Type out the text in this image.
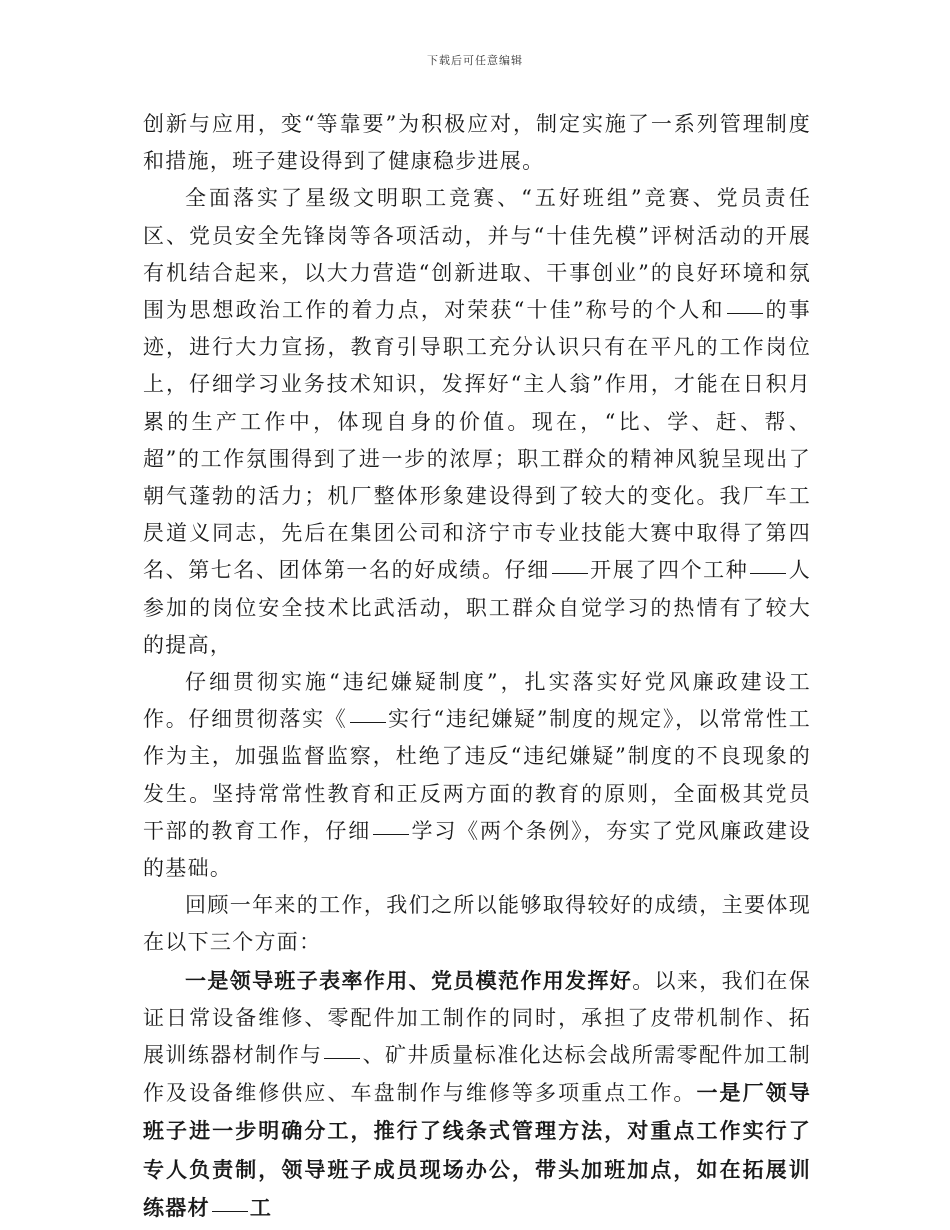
下载后可任意编辑

创新与应用，变“等靠要”为积极应对，制定实施了一系列管理制度和措施，班子建设得到了健康稳步进展。

全面落实了星级文明职工竞赛、“五好班组”竞赛、党员责任区、党员安全先锋岗等各项活动，并与“十佳先模”评树活动的开展有机结合起来，以大力营造“创新进取、干事创业”的良好环境和氛围为思想政治工作的着力点，对荣获“十佳”称号的个人和 的事迹，进行大力宣扬，教育引导职工充分认识只有在平凡的工作岗位上，仔细学习业务技术知识，发挥好“主人翁”作用，才能在日积月累的生产工作中，体现自身的价值。现在，“比、学、赶、帮、超”的工作氛围得到了进一步的浓厚；职工群众的精神风貌呈现出了朝气蓬勃的活力；机厂整体形象建设得到了较大的变化。我厂车工昃道义同志，先后在集团公司和济宁市专业技能大赛中取得了第四名、第七名、团体第一名的好成绩。仔细 开展了四个工种 人参加的岗位安全技术比武活动，职工群众自觉学习的热情有了较大的提高，

仔细贯彻实施“违纪嫌疑制度”，扎实落实好党风廉政建设工作。仔细贯彻落实《 实行“违纪嫌疑”制度的规定》，以常常性工作为主，加强监督监察，杜绝了违反“违纪嫌疑”制度的不良现象的发生。坚持常常性教育和正反两方面的教育的原则，全面极其党员干部的教育工作，仔细 学习《两个条例》，夯实了党风廉政建设的基础。

回顾一年来的工作，我们之所以能够取得较好的成绩，主要体现在以下三个方面：

一是领导班子表率作用、党员模范作用发挥好。以来，我们在保证日常设备维修、零配件加工制作的同时，承担了皮带机制作、拓展训练器材制作与 、矿井质量标准化达标会战所需零配件加工制作及设备维修供应、车盘制作与维修等多项重点工作。一是厂领导班子进一步明确分工，推行了线条式管理方法，对重点工作实行了专人负责制，领导班子成员现场办公，带头加班加点，如在拓展训练器材 工
